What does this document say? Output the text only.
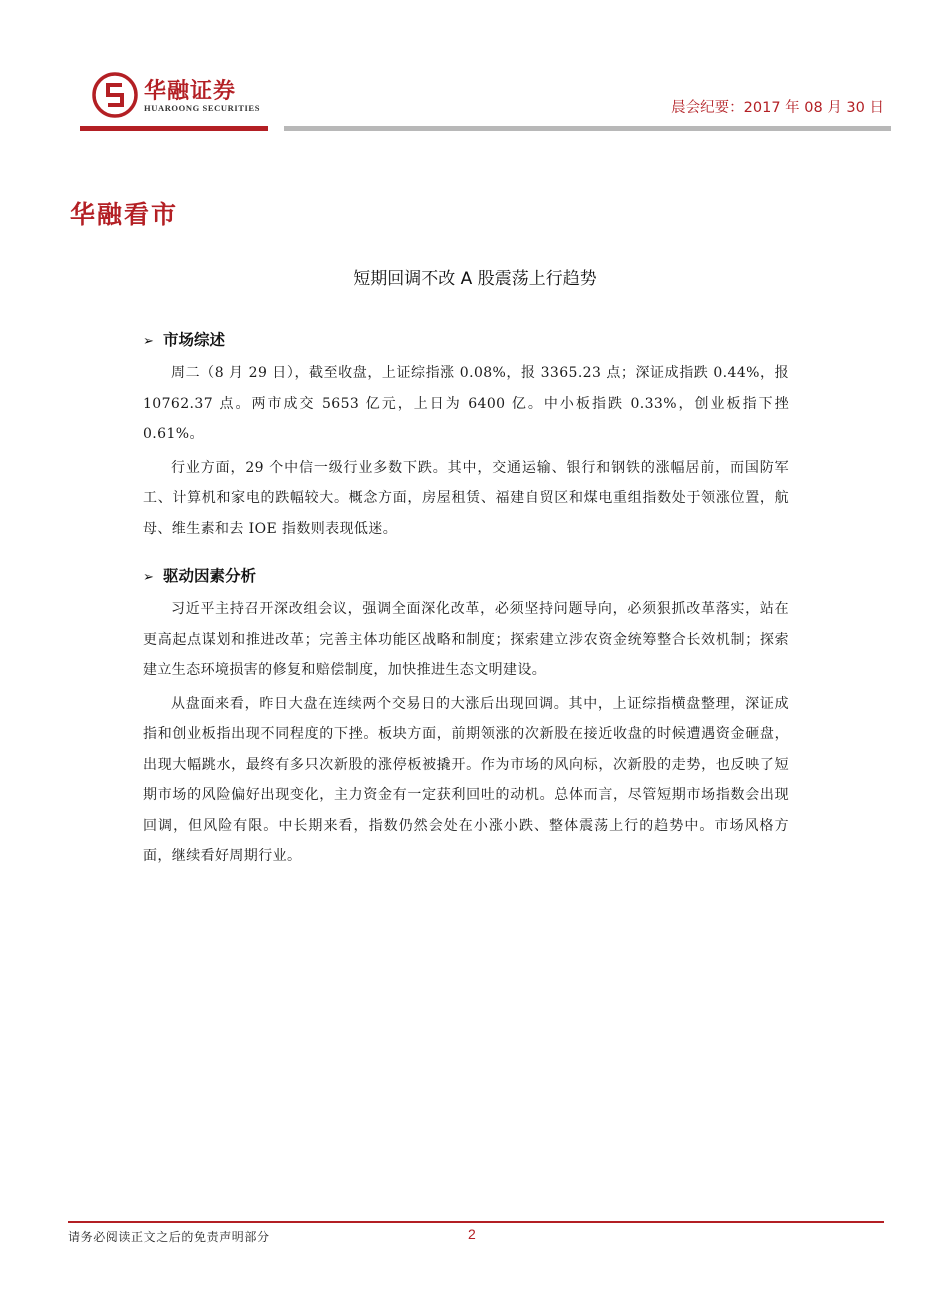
华融证券
HUAROONG SECURITIES	晨会纪要：2017 年 08 月 30 日
华融看市
短期回调不改 A 股震荡上行趋势
➢ 市场综述

周二（8 月 29 日），截至收盘，上证综指涨 0.08%，报 3365.23 点；深证成指跌 0.44%，报 10762.37 点。两市成交 5653 亿元，上日为 6400 亿。中小板指跌 0.33%，创业板指下挫 0.61%。

行业方面，29 个中信一级行业多数下跌。其中，交通运输、银行和钢铁的涨幅居前，而国防军工、计算机和家电的跌幅较大。概念方面，房屋租赁、福建自贸区和煤电重组指数处于领涨位置，航母、维生素和去 IOE 指数则表现低迷。

➢ 驱动因素分析

习近平主持召开深改组会议，强调全面深化改革，必须坚持问题导向，必须狠抓改革落实，站在更高起点谋划和推进改革；完善主体功能区战略和制度；探索建立涉农资金统筹整合长效机制；探索建立生态环境损害的修复和赔偿制度，加快推进生态文明建设。

从盘面来看，昨日大盘在连续两个交易日的大涨后出现回调。其中，上证综指横盘整理，深证成指和创业板指出现不同程度的下挫。板块方面，前期领涨的次新股在接近收盘的时候遭遇资金砸盘，出现大幅跳水，最终有多只次新股的涨停板被撬开。作为市场的风向标，次新股的走势，也反映了短期市场的风险偏好出现变化，主力资金有一定获利回吐的动机。总体而言，尽管短期市场指数会出现回调，但风险有限。中长期来看，指数仍然会处在小涨小跌、整体震荡上行的趋势中。市场风格方面，继续看好周期行业。

请务必阅读正文之后的免责声明部分	2
